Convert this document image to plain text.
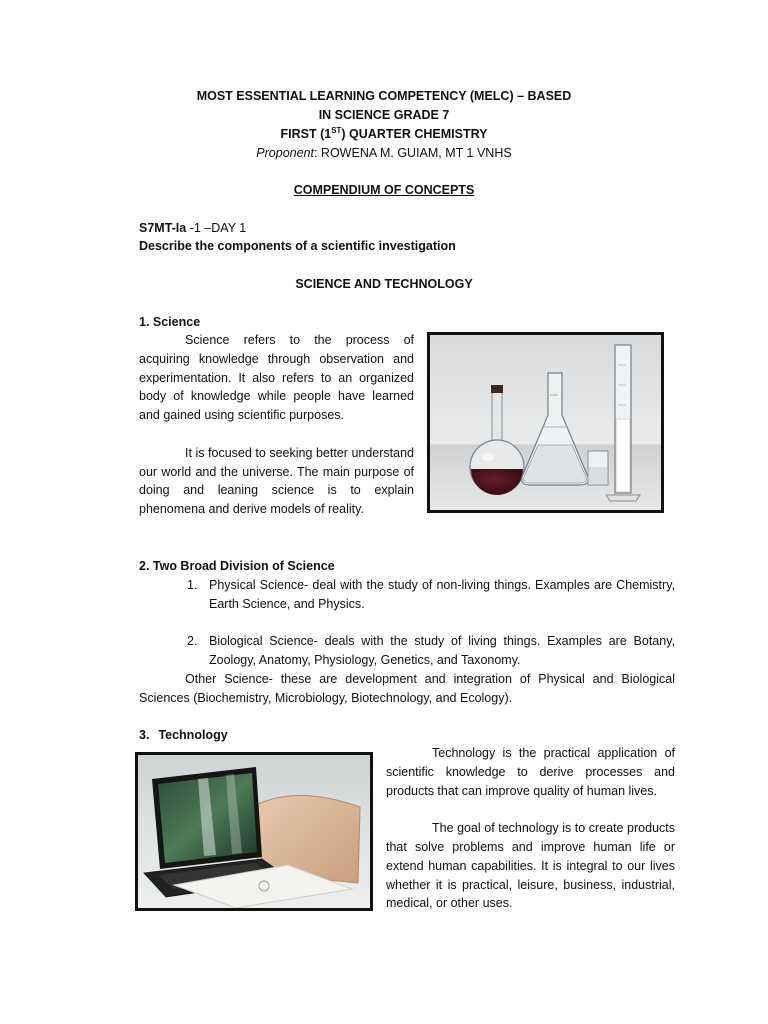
MOST ESSENTIAL LEARNING COMPETENCY (MELC) – BASED
IN SCIENCE GRADE 7
FIRST (1ST) QUARTER CHEMISTRY
Proponent: ROWENA M. GUIAM, MT 1 VNHS
COMPENDIUM OF CONCEPTS
S7MT-Ia -1 –DAY 1
Describe the components of a scientific investigation
SCIENCE AND TECHNOLOGY
1. Science

Science refers to the process of acquiring knowledge through observation and experimentation. It also refers to an organized body of knowledge while people have learned and gained using scientific purposes.

It is focused to seeking better understand our world and the universe. The main purpose of doing and leaning science is to explain phenomena and derive models of reality.

2. Two Broad Division of Science
1. Physical Science- deal with the study of non-living things. Examples are Chemistry, Earth Science, and Physics.
2. Biological Science- deals with the study of living things. Examples are Botany, Zoology, Anatomy, Physiology, Genetics, and Taxonomy.
Other Science- these are development and integration of Physical and Biological Sciences (Biochemistry, Microbiology, Biotechnology, and Ecology).
3. Technology

Technology is the practical application of scientific knowledge to derive processes and products that can improve quality of human lives.

The goal of technology is to create products that solve problems and improve human life or extend human capabilities. It is integral to our lives whether it is practical, leisure, business, industrial, medical, or other uses.
